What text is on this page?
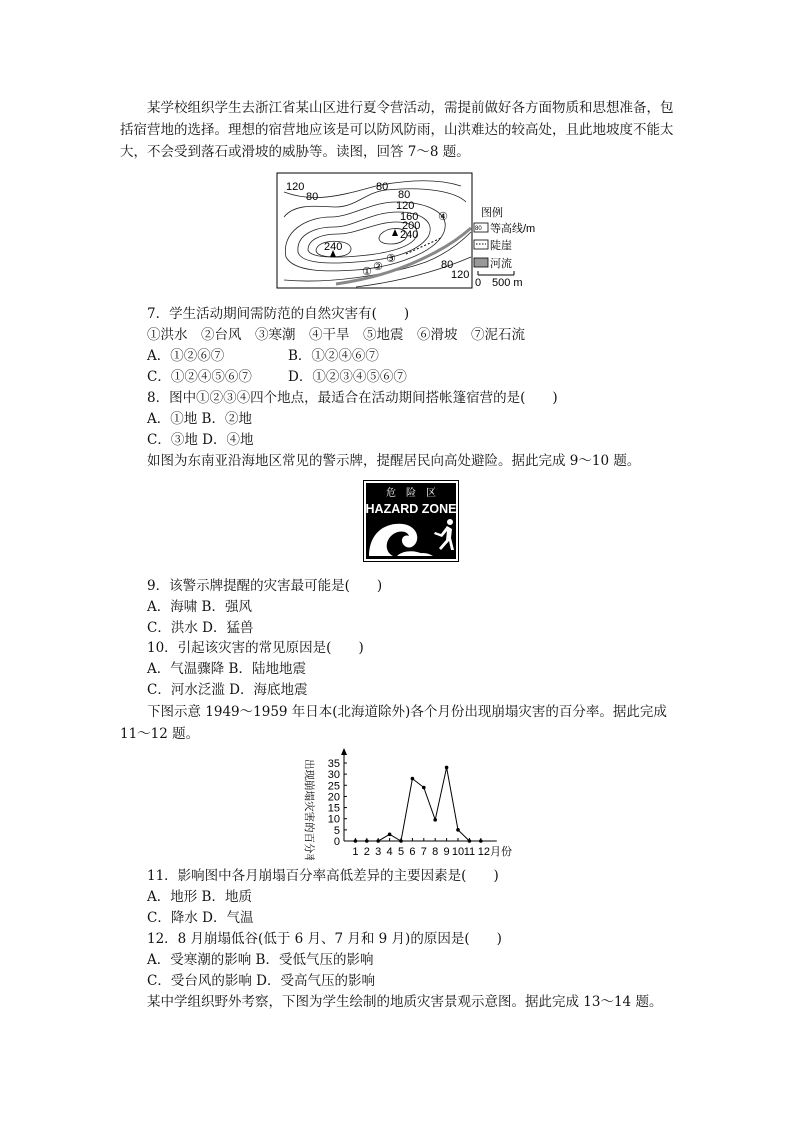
某学校组织学生去浙江省某山区进行夏令营活动，需提前做好各方面物质和思想准备，包括宿营地的选择。理想的宿营地应该是可以防风防雨，山洪难达的较高处，且此地坡度不能太大，不会受到落石或滑坡的威胁等。读图，回答 7～8 题。
120
80
80
80
120
160
200
240
240
80
120
① ②
③
④	图例
80 等高线/m
陡崖
河流
0 500 m
7．学生活动期间需防范的自然灾害有(　　)
①洪水　②台风　③寒潮　④干旱　⑤地震　⑥滑坡　⑦泥石流
A．①②⑥⑦	B．①②④⑥⑦
C．①②④⑤⑥⑦	D．①②③④⑤⑥⑦
8．图中①②③④四个地点，最适合在活动期间搭帐篷宿营的是(　　)
A．①地 B．②地
C．③地 D．④地
如图为东南亚沿海地区常见的警示牌，提醒居民向高处避险。据此完成 9～10 题。
危　险　区
HAZARD ZONE
9．该警示牌提醒的灾害最可能是(　　)
A．海啸 B．强风
C．洪水 D．猛兽
10．引起该灾害的常见原因是(　　)
A．气温骤降 B．陆地地震
C．河水泛滥 D．海底地震
下图示意 1949～1959 年日本(北海道除外)各个月份出现崩塌灾害的百分率。据此完成 11～12 题。
出现崩塌灾害的百分率/% 0
5
10
15
20
25
30
35
1 2 3 4 5 6 7 8 9 10 11 12月份
11．影响图中各月崩塌百分率高低差异的主要因素是(　　)
A．地形 B．地质
C．降水 D．气温
12．8 月崩塌低谷(低于 6 月、7 月和 9 月)的原因是(　　)
A．受寒潮的影响 B．受低气压的影响
C．受台风的影响 D．受高气压的影响
某中学组织野外考察，下图为学生绘制的地质灾害景观示意图。据此完成 13～14 题。
